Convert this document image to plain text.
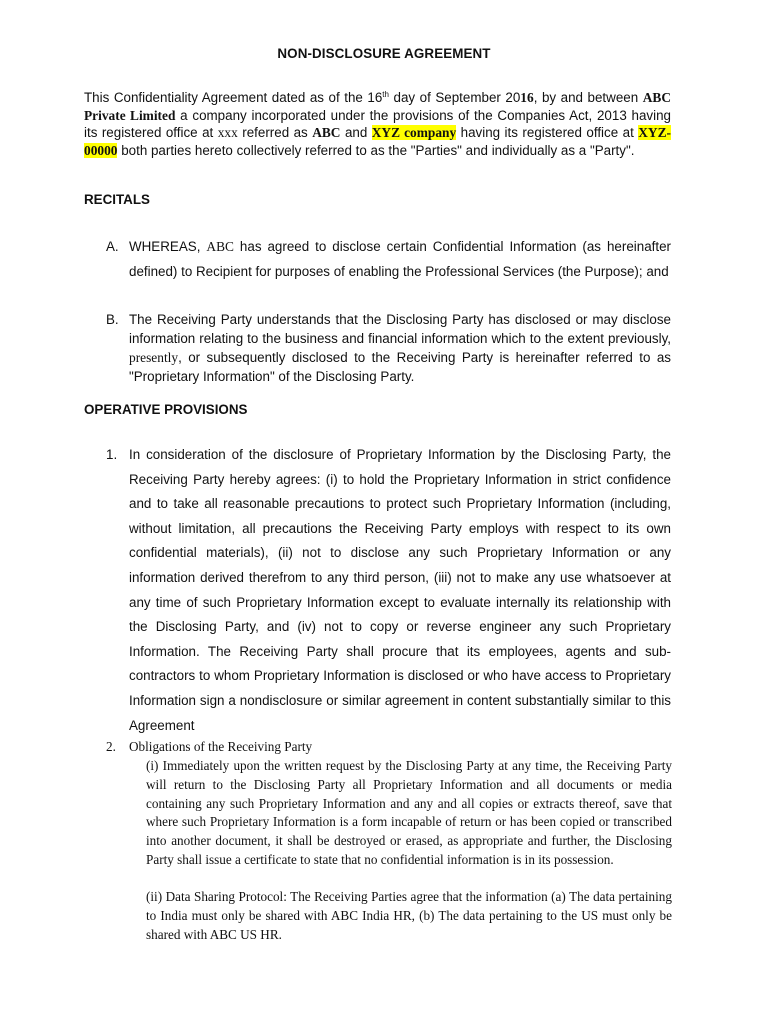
NON-DISCLOSURE AGREEMENT
This Confidentiality Agreement dated as of the 16th day of September 2016, by and between ABC Private Limited a company incorporated under the provisions of the Companies Act, 2013 having its registered office at xxx referred as ABC and XYZ company having its registered office at XYZ-00000 both parties hereto collectively referred to as the "Parties" and individually as a "Party".
RECITALS
A. WHEREAS, ABC has agreed to disclose certain Confidential Information (as hereinafter defined) to Recipient for purposes of enabling the Professional Services (the Purpose); and
B. The Receiving Party understands that the Disclosing Party has disclosed or may disclose information relating to the business and financial information which to the extent previously, presently, or subsequently disclosed to the Receiving Party is hereinafter referred to as "Proprietary Information" of the Disclosing Party.
OPERATIVE PROVISIONS
1. In consideration of the disclosure of Proprietary Information by the Disclosing Party, the Receiving Party hereby agrees: (i) to hold the Proprietary Information in strict confidence and to take all reasonable precautions to protect such Proprietary Information (including, without limitation, all precautions the Receiving Party employs with respect to its own confidential materials), (ii) not to disclose any such Proprietary Information or any information derived therefrom to any third person, (iii) not to make any use whatsoever at any time of such Proprietary Information except to evaluate internally its relationship with the Disclosing Party, and (iv) not to copy or reverse engineer any such Proprietary Information. The Receiving Party shall procure that its employees, agents and sub-contractors to whom Proprietary Information is disclosed or who have access to Proprietary Information sign a nondisclosure or similar agreement in content substantially similar to this Agreement
2. Obligations of the Receiving Party
(i) Immediately upon the written request by the Disclosing Party at any time, the Receiving Party will return to the Disclosing Party all Proprietary Information and all documents or media containing any such Proprietary Information and any and all copies or extracts thereof, save that where such Proprietary Information is a form incapable of return or has been copied or transcribed into another document, it shall be destroyed or erased, as appropriate and further, the Disclosing Party shall issue a certificate to state that no confidential information is in its possession.
(ii) Data Sharing Protocol: The Receiving Parties agree that the information (a) The data pertaining to India must only be shared with ABC India HR, (b) The data pertaining to the US must only be shared with ABC US HR.
